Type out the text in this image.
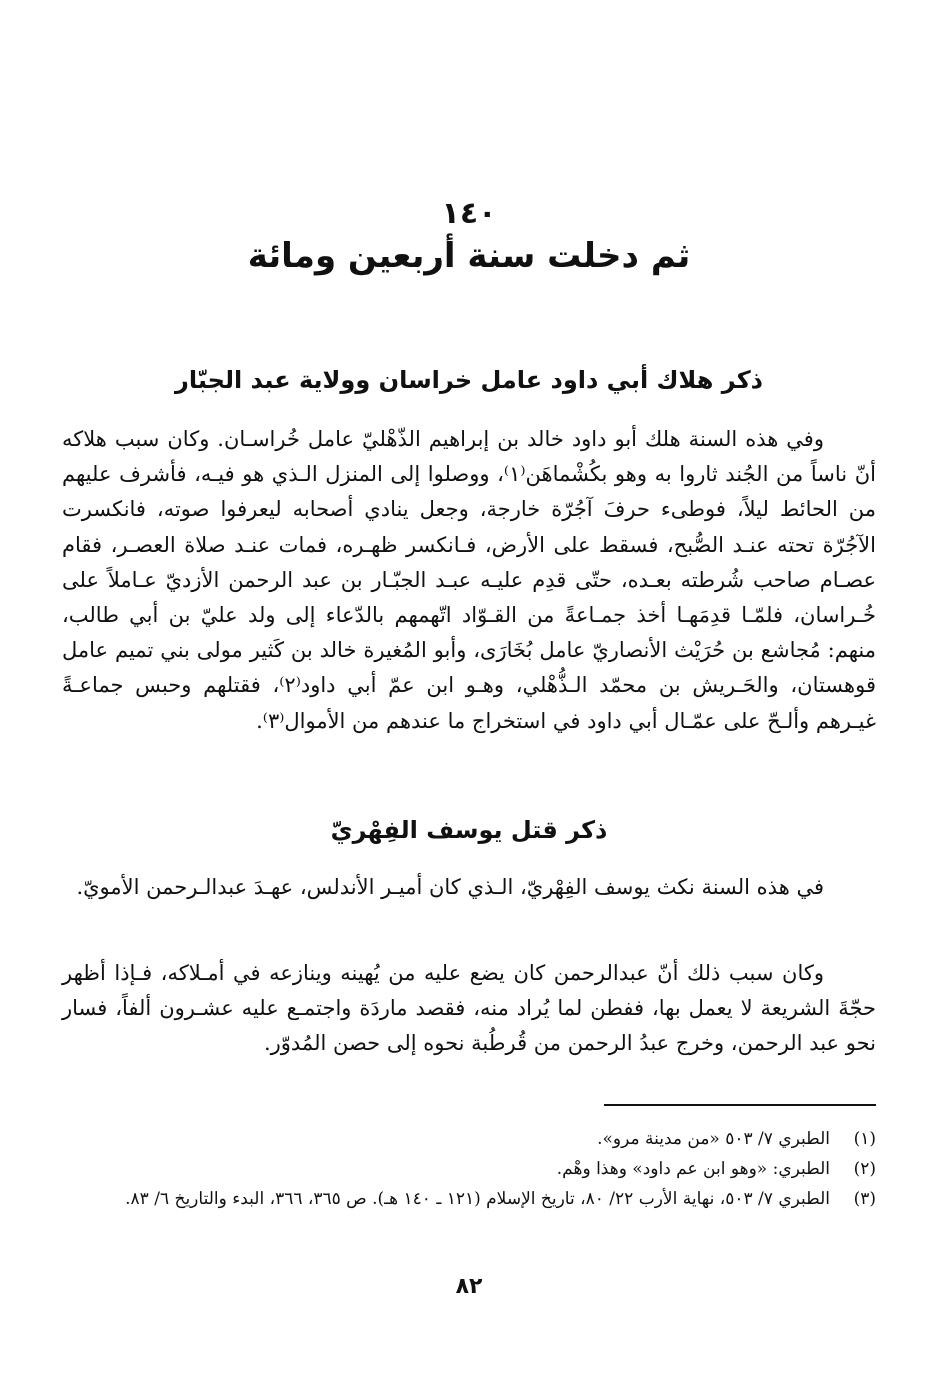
١٤٠
ثم دخلت سنة أربعين ومائة
ذكر هلاك أبي داود عامل خراسان وولاية عبد الجبّار

وفي هذه السنة هلك أبو داود خالد بن إبراهيم الذّهْليّ عامل خُراسـان. وكان سبب هلاكه أنّ ناساً من الجُند ثاروا به وهو بكُشْماهَن⁽١⁾، ووصلوا إلى المنزل الـذي هو فيـه، فأشرف عليهم من الحائط ليلاً، فوطىء حرفَ آجُرّة خارجة، وجعل ينادي أصحابه ليعرفوا صوته، فانكسرت الآجُرّة تحته عنـد الصُّبح، فسقط على الأرض، فـانكسر ظهـره، فمات عنـد صلاة العصـر، فقام عصـام صاحب شُرطته بعـده، حتّى قدِم عليـه عبـد الجبّـار بن عبد الرحمن الأزديّ عـاملاً على خُـراسان، فلمّـا قدِمَهـا أخذ جمـاعةً من القـوّاد اتّهمهم بالدّعاء إلى ولد عليّ بن أبي طالب، منهم: مُجاشع بن حُرَيْث الأنصاريّ عامل بُخَارَى، وأبو المُغيرة خالد بن كَثير مولى بني تميم عامل قوهستان، والحَـريش بن محمّد الـذُّهْلي، وهـو ابن عمّ أبي داود⁽٢⁾، فقتلهم وحبس جماعـةً غيـرهم وألـحّ على عمّـال أبي داود في استخراج ما عندهم من الأموال⁽٣⁾.

ذكر قتل يوسف الفِهْريّ

في هذه السنة نكث يوسف الفِهْريّ، الـذي كان أميـر الأندلس، عهـدَ عبدالـرحمن الأمويّ.

وكان سبب ذلك أنّ عبدالرحمن كان يضع عليه من يُهينه وينازعه في أمـلاكه، فـإذا أظهر حجّةَ الشريعة لا يعمل بها، ففطن لما يُراد منه، فقصد ماردَة واجتمـع عليه عشـرون ألفاً، فسار نحو عبد الرحمن، وخرج عبدُ الرحمن من قُرطُبة نحوه إلى حصن المُدوّر.

(١)
الطبري ٧/ ٥٠٣ «من مدينة مرو».
(٢)
الطبري: «وهو ابن عم داود» وهذا وهْم.
(٣)
الطبري ٧/ ٥٠٣، نهاية الأرب ٢٢/ ٨٠، تاريخ الإسلام (١٢١ ـ ١٤٠ هـ). ص ٣٦٥، ٣٦٦، البدء والتاريخ ٦/ ٨٣.
٨٢
